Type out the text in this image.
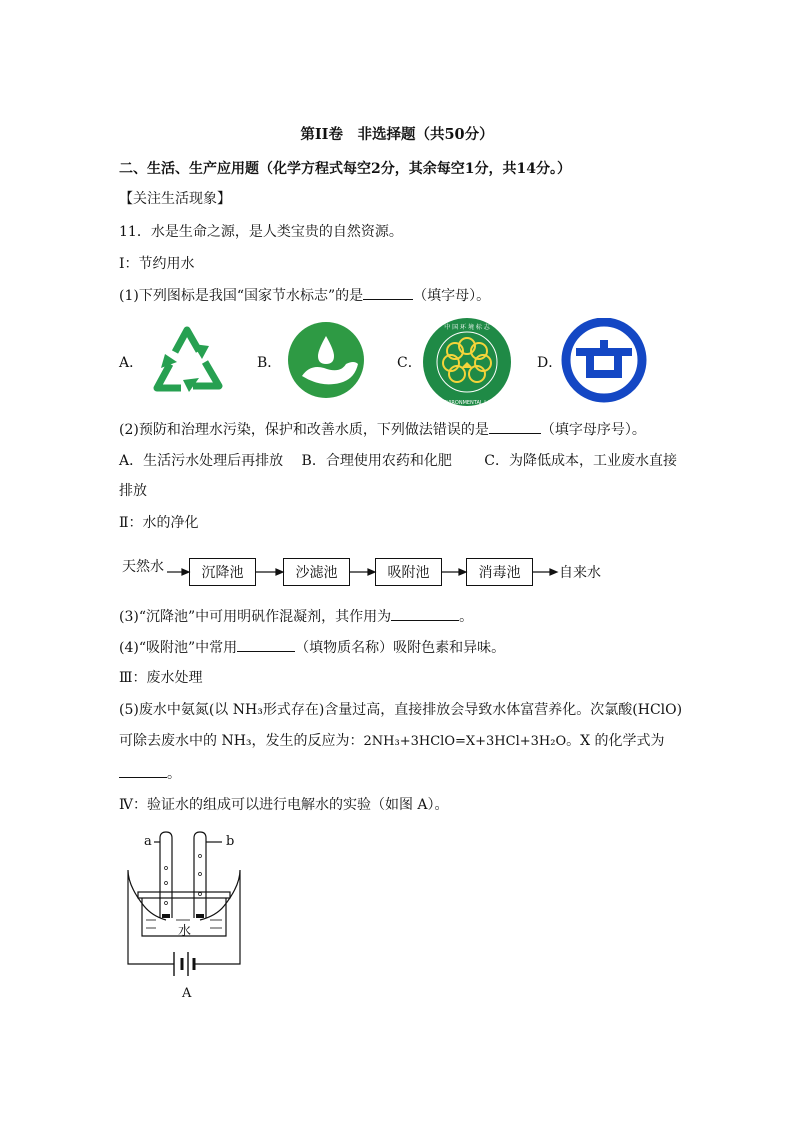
第II卷　非选择题（共50分）
二、生活、生产应用题（化学方程式每空2分，其余每空1分，共14分。）
【关注生活现象】
11．水是生命之源，是人类宝贵的自然资源。
Ⅰ：节约用水
(1)下列图标是我国“国家节水标志”的是	（填字母）。
A．	B．	C．
中 国 环 境 标 志
CHINA ENVIRONMENTAL LABELLING
D．
(2)预防和治理水污染，保护和改善水质，下列做法错误的是	（填字母序号）。
A．生活污水处理后再排放　 B．合理使用农药和化肥　　 C．为降低成本，工业废水直接
排放
Ⅱ：水的净化
天然水	沉降池	沙滤池	吸附池	消毒池	自来水
(3)“沉降池”中可用明矾作混凝剂，其作用为	。
(4)“吸附池”中常用	（填物质名称）吸附色素和异味。
Ⅲ：废水处理
(5)废水中氨氮(以 NH₃形式存在)含量过高，直接排放会导致水体富营养化。次氯酸(HClO)
可除去废水中的 NH₃，发生的反应为：2NH₃+3HClO=X+3HCl+3H₂O。X 的化学式为
。
Ⅳ：验证水的组成可以进行电解水的实验（如图 A）。
a	b
水
A
